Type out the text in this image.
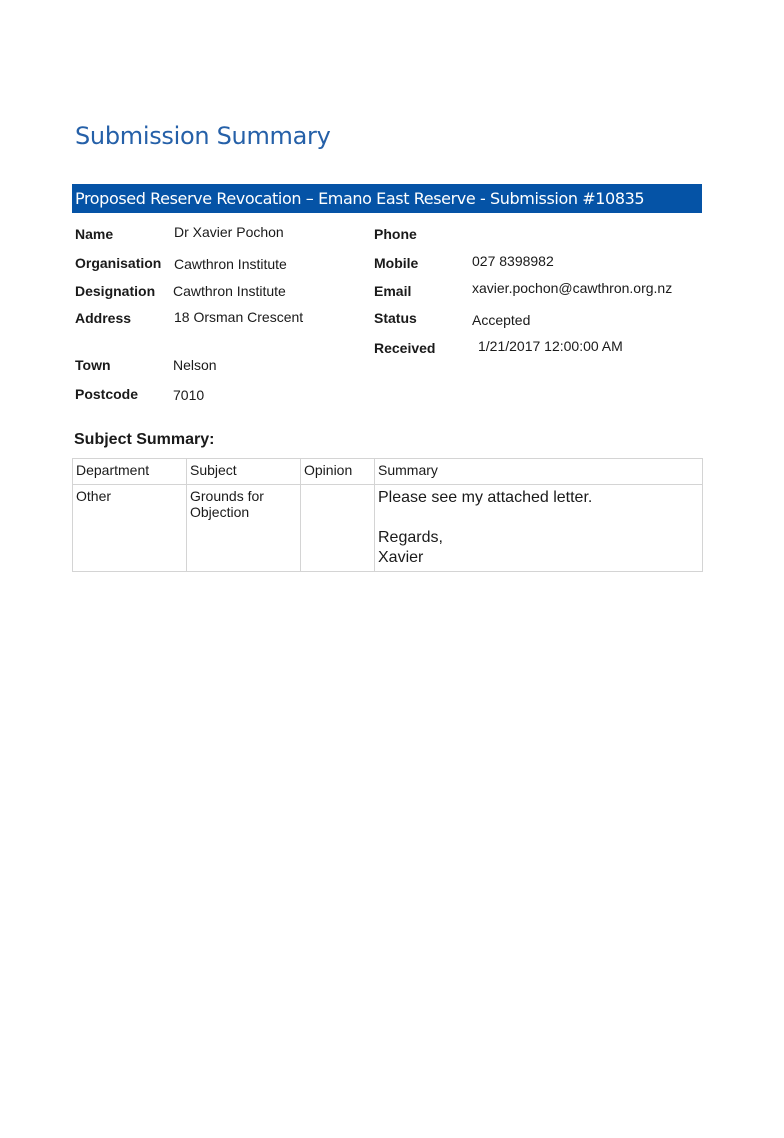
Submission Summary
Proposed Reserve Revocation – Emano East Reserve - Submission #10835
Name	Dr Xavier Pochon
Organisation Cawthron Institute
Designation Cawthron Institute
Address	18 Orsman Crescent
Town	Nelson
Postcode 7010
Phone
Mobile	027 8398982
Email	xavier.pochon@cawthron.org.nz
Status	Accepted
Received	1/21/2017 12:00:00 AM
Subject Summary:
Department	Subject	Opinion	Summary
Other	Grounds for Objection		Please see my attached letter.
Regards,
Xavier
